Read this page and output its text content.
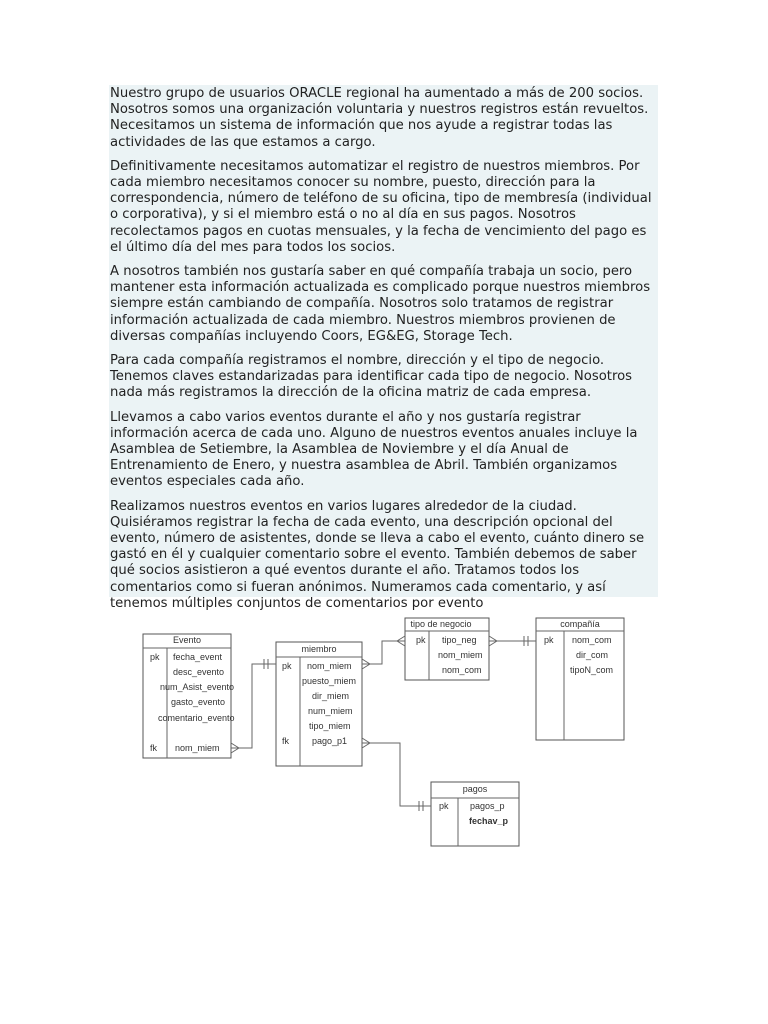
Nuestro grupo de usuarios ORACLE regional ha aumentado a más de 200 socios. Nosotros somos una organización voluntaria y nuestros registros están revueltos. Necesitamos un sistema de información que nos ayude a registrar todas las actividades de las que estamos a cargo.

Definitivamente necesitamos automatizar el registro de nuestros miembros. Por cada miembro necesitamos conocer su nombre, puesto, dirección para la correspondencia, número de teléfono de su oficina, tipo de membresía (individual o corporativa), y si el miembro está o no al día en sus pagos. Nosotros recolectamos pagos en cuotas mensuales, y la fecha de vencimiento del pago es el último día del mes para todos los socios.

A nosotros también nos gustaría saber en qué compañía trabaja un socio, pero mantener esta información actualizada es complicado porque nuestros miembros siempre están cambiando de compañía. Nosotros solo tratamos de registrar información actualizada de cada miembro. Nuestros miembros provienen de diversas compañías incluyendo Coors, EG&EG, Storage Tech.

Para cada compañía registramos el nombre, dirección y el tipo de negocio. Tenemos claves estandarizadas para identificar cada tipo de negocio. Nosotros nada más registramos la dirección de la oficina matriz de cada empresa.

Llevamos a cabo varios eventos durante el año y nos gustaría registrar información acerca de cada uno. Alguno de nuestros eventos anuales incluye la Asamblea de Setiembre, la Asamblea de Noviembre y el día Anual de Entrenamiento de Enero, y nuestra asamblea de Abril. También organizamos eventos especiales cada año.

Realizamos nuestros eventos en varios lugares alrededor de la ciudad. Quisiéramos registrar la fecha de cada evento, una descripción opcional del evento, número de asistentes, donde se lleva a cabo el evento, cuánto dinero se gastó en él y cualquier comentario sobre el evento. También debemos de saber qué socios asistieron a qué eventos durante el año. Tratamos todos los comentarios como si fueran anónimos. Numeramos cada comentario, y así tenemos múltiples conjuntos de comentarios por evento

Evento
pk fecha_event
desc_evento
num_Asist_evento
gasto_evento
comentario_evento
fk nom_miem
miembro
pk nom_miem
puesto_miem
dir_miem
num_miem
tipo_miem
fk	pago_p1
tipo de negocio
pk tipo_neg
nom_miem
nom_com
compañía
pk nom_com
dir_com
tipoN_com
pagos
pk pagos_p
fechav_p
